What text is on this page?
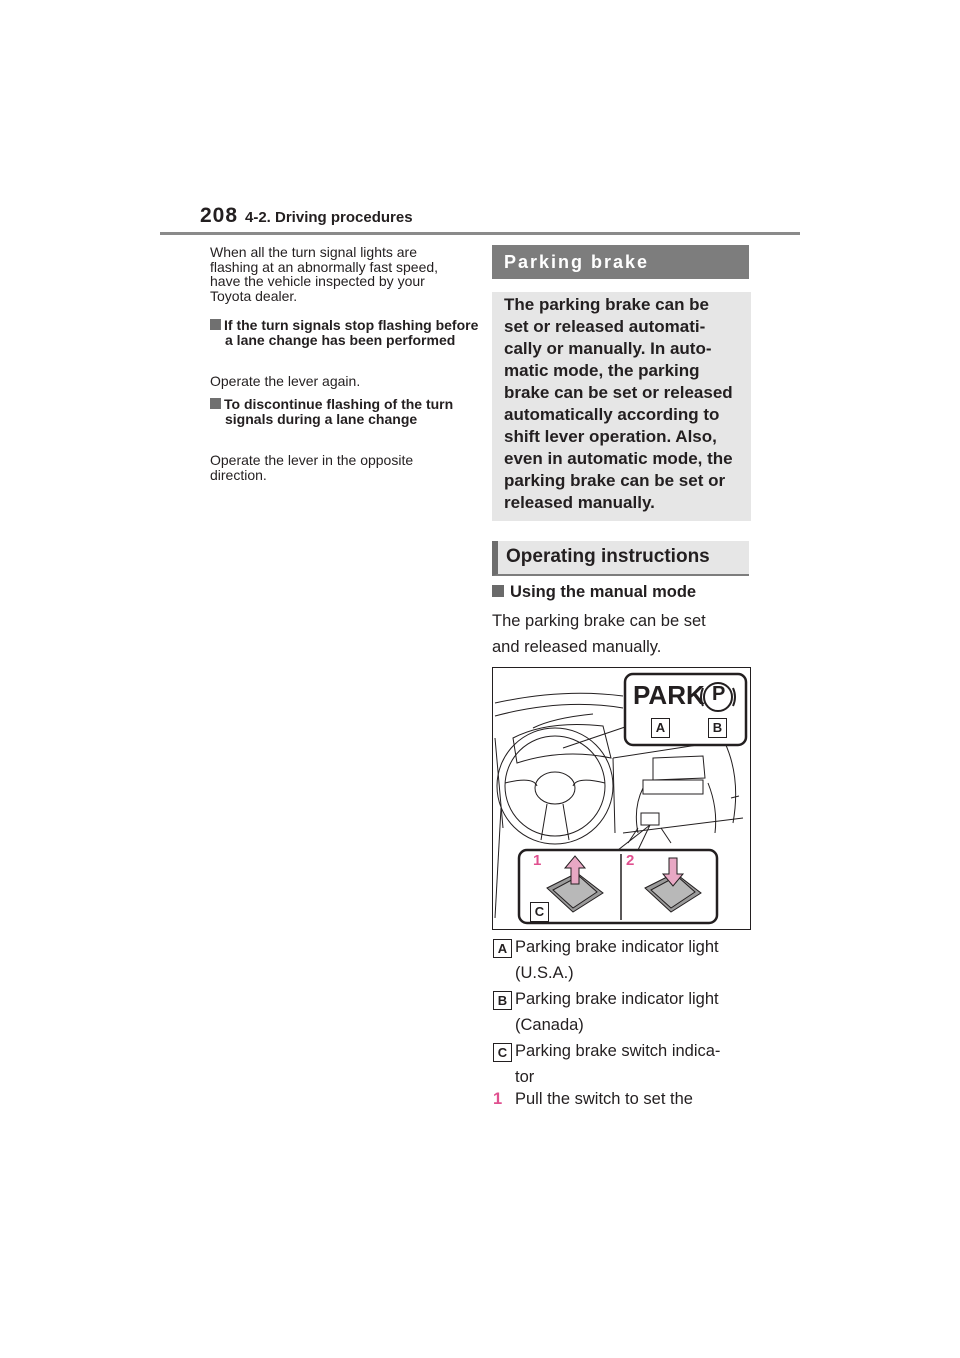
208 4-2. Driving procedures
When all the turn signal lights are flashing at an abnormally fast speed, have the vehicle inspected by your Toyota dealer.
If the turn signals stop flashing before a lane change has been performed
Operate the lever again.
To discontinue flashing of the turn signals during a lane change
Operate the lever in the opposite direction.
Parking brake
The parking brake can be
set or released automati-
cally or manually. In auto-
matic mode, the parking
brake can be set or released
automatically according to
shift lever operation. Also,
even in automatic mode, the
parking brake can be set or
released manually.
Operating instructions
Using the manual mode
The parking brake can be set
and released manually.
PARK P
A	B
C
1	2
A Parking brake indicator light
(U.S.A.)
B Parking brake indicator light
(Canada)
C Parking brake switch indica-
tor
1 Pull the switch to set the
